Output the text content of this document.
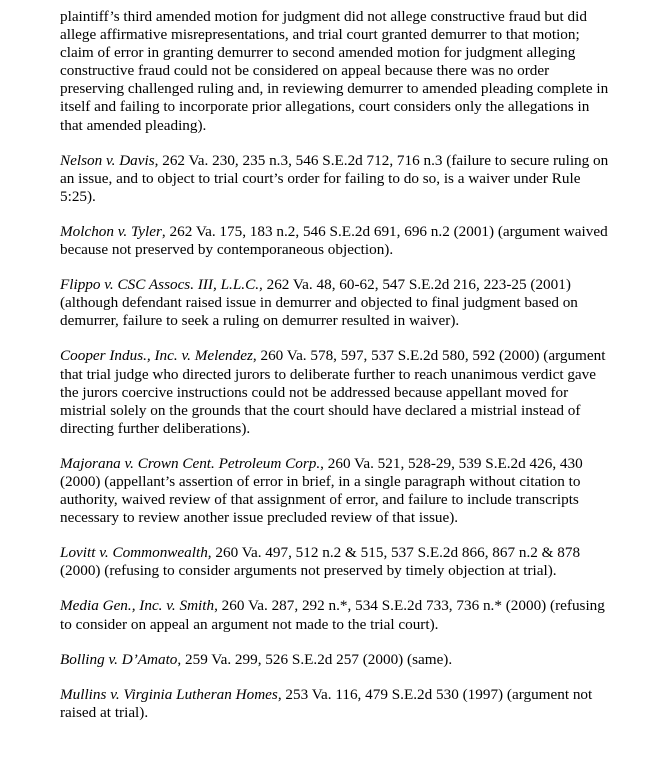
plaintiff’s third amended motion for judgment did not allege constructive fraud but did allege affirmative misrepresentations, and trial court granted demurrer to that motion; claim of error in granting demurrer to second amended motion for judgment alleging constructive fraud could not be considered on appeal because there was no order preserving challenged ruling and, in reviewing demurrer to amended pleading complete in itself and failing to incorporate prior allegations, court considers only the allegations in that amended pleading).

Nelson v. Davis, 262 Va. 230, 235 n.3, 546 S.E.2d 712, 716 n.3 (failure to secure ruling on an issue, and to object to trial court’s order for failing to do so, is a waiver under Rule 5:25).

Molchon v. Tyler, 262 Va. 175, 183 n.2, 546 S.E.2d 691, 696 n.2 (2001) (argument waived because not preserved by contemporaneous objection).

Flippo v. CSC Assocs. III, L.L.C., 262 Va. 48, 60-62, 547 S.E.2d 216, 223-25 (2001) (although defendant raised issue in demurrer and objected to final judgment based on demurrer, failure to seek a ruling on demurrer resulted in waiver).

Cooper Indus., Inc. v. Melendez, 260 Va. 578, 597, 537 S.E.2d 580, 592 (2000) (argument that trial judge who directed jurors to deliberate further to reach unanimous verdict gave the jurors coercive instructions could not be addressed because appellant moved for mistrial solely on the grounds that the court should have declared a mistrial instead of directing further deliberations).

Majorana v. Crown Cent. Petroleum Corp., 260 Va. 521, 528-29, 539 S.E.2d 426, 430 (2000) (appellant’s assertion of error in brief, in a single paragraph without citation to authority, waived review of that assignment of error, and failure to include transcripts necessary to review another issue precluded review of that issue).

Lovitt v. Commonwealth, 260 Va. 497, 512 n.2 & 515, 537 S.E.2d 866, 867 n.2 & 878 (2000) (refusing to consider arguments not preserved by timely objection at trial).

Media Gen., Inc. v. Smith, 260 Va. 287, 292 n.*, 534 S.E.2d 733, 736 n.* (2000) (refusing to consider on appeal an argument not made to the trial court).

Bolling v. D’Amato, 259 Va. 299, 526 S.E.2d 257 (2000) (same).

Mullins v. Virginia Lutheran Homes, 253 Va. 116, 479 S.E.2d 530 (1997) (argument not raised at trial).
